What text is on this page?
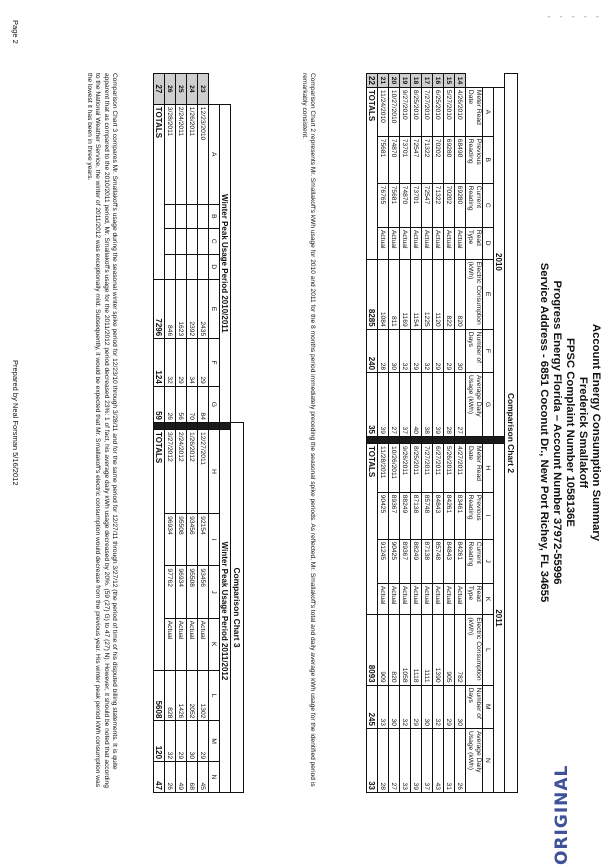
Account Energy Consumption Summary
Frederick Smallakoff
FPSC Complaint Number 1058136E
Progress Energy Florida – Account Number 37972-55996
Service Address - 6851 Coconut Dr., New Port Richey, FL 34655
Comparison Chart 2															
	2010								2011						
	A	B	C	D	E	F	G		H	I	J	K	L	M	N
	Meter Read Date	Previous Reading	Current Reading	Read Type	Electric Consumption (kWh)	Number of Days	Average Daily Usage (kWh)		Meter Read Date	Previous Reading	Current Reading	Read Type	Electric Consumption (kWh)	Number of Days	Average Daily Usage (kWh)
14	4/26/2010	68490	69280	Actual	820	30	27		4/27/2011	83461	84261	Actual	782	30	26
15	5/27/2010	69280	70202	Actual	822	29	28		5/26/2011	84261	84843	Actual	905	29	31
16	6/25/2010	70202	71322	Actual	1120	29	39		6/27/2011	84843	85748	Actual	1390	32	43
17	7/27/2010	71322	72547	Actual	1225	32	38		7/27/2011	85748	87138	Actual	1111	30	37
18	8/25/2010	72547	73701	Actual	1154	29	40		8/25/2011	87138	88249	Actual	1118	29	39
19	9/27/2010	73701	74870	Actual	1169	32	37		9/26/2011	88249	89367	Actual	1058	32	33
20	10/27/2010	74870	75681	Actual	811	30	27		10/26/2011	89367	90425	Actual	820	30	27
21	11/24/2010	75681	76765	Actual	1084	28	39		11/28/2011	90425	91245	Actual	909	33	28
22	TOTALS				8285	240	35		TOTALS				8093	245	33
Comparison Chart 2 represents Mr. Smallakoff's kWh usage for 2010 and 2011 for the 8 months period immediately preceding the seasonal spike periods. As reflected, Mr. Smallakoff's total and daily average kWh usage for the identified period is remarkably consistent.
								Comparison Chart 3							
	Winter Peak Usage Period 2010/2011								Winter Peak Usage Period 2011/2012						
	A	B	C	D	E	F	G		H	I	J	K	L	M	N
23	12/23/2010				2435	29	84		12/27/2011	92154	93456	Actual	1302	29	45
24	1/26/2011				2392	34	70		1/26/2012	93456	95508	Actual	2052	30	68
25	2/24/2011				1623	29	56		2/24/2012	95508	96934	Actual	1426	29	49
26	3/28/2011				846	32	26		3/27/2012	96934	97762	Actual	828	32	26
27	TOTALS				7296	124	59		TOTALS				5608	120	47
Comparison Chart 3 compares Mr. Smallakoff's usage during the seasonal winter spike period for 12/23/10 through 3/28/11 and for the same period for 12/27/11 through 3/27/12 (the period of time of his disputed billing statements. It is quite apparent that as compared to the 2010/2011 period, Mr. Smallakoff's usage for the 2011/2012 period decreased 23%: 1 of fact, his average daily kWh usage decreased by 20%. (59 (27) G) to 47 (27) N). However, it should be noted that according to the National Weather Service, the winter of 2011/2012 was exceptionally mild. Subsequently, it would be expected that Mr. Smallakoff's electric consumption would decrease from the previous year. His winter peak period kWh consumption was the lowest it has been in three years.
Page 2
Prepared by Neal Forsman 5/16/2012
ORIGINAL
- - - - -
